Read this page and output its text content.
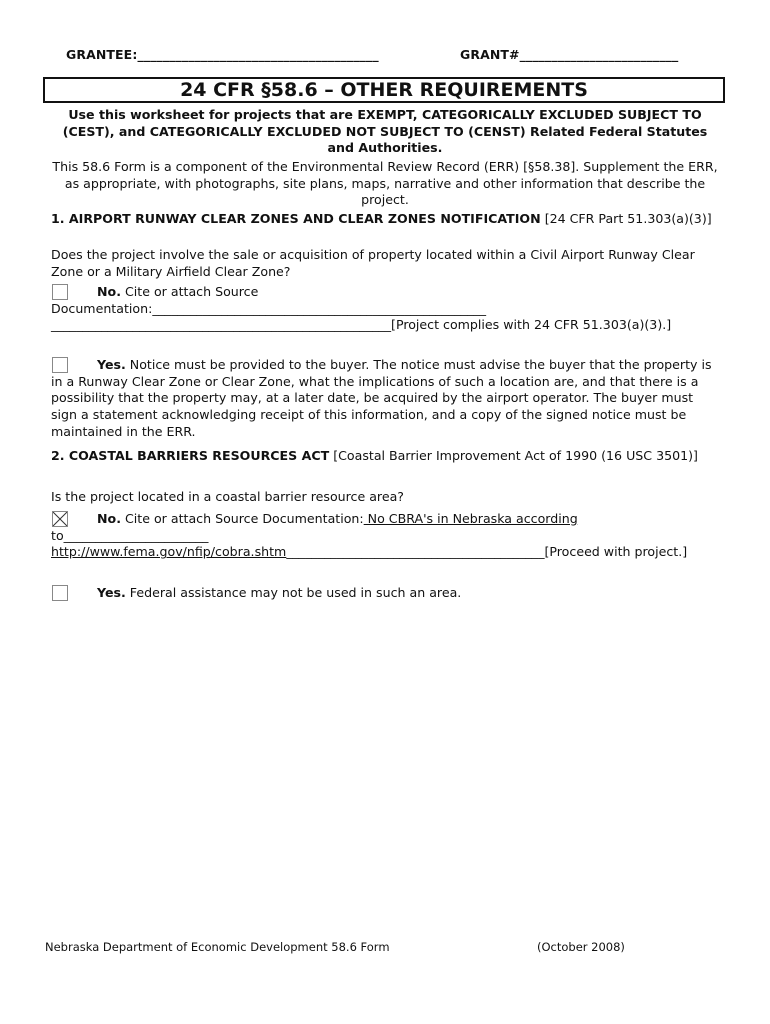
GRANTEE:______________________________________	GRANT#_________________________
24 CFR §58.6 – OTHER REQUIREMENTS
Use this worksheet for projects that are EXEMPT, CATEGORICALLY EXCLUDED SUBJECT TO (CEST), and CATEGORICALLY EXCLUDED NOT SUBJECT TO (CENST) Related Federal Statutes and Authorities.
This 58.6 Form is a component of the Environmental Review Record (ERR) [§58.38]. Supplement the ERR, as appropriate, with photographs, site plans, maps, narrative and other information that describe the project.
1. AIRPORT RUNWAY CLEAR ZONES AND CLEAR ZONES NOTIFICATION [24 CFR Part 51.303(a)(3)]
Does the project involve the sale or acquisition of property located within a Civil Airport Runway Clear Zone or a Military Airfield Clear Zone?
No. Cite or attach Source
Documentation:_____________________________________________________
______________________________________________________[Project complies with 24 CFR 51.303(a)(3).]
Yes. Notice must be provided to the buyer. The notice must advise the buyer that the property is in a Runway Clear Zone or Clear Zone, what the implications of such a location are, and that there is a possibility that the property may, at a later date, be acquired by the airport operator. The buyer must sign a statement acknowledging receipt of this information, and a copy of the signed notice must be maintained in the ERR.
2. COASTAL BARRIERS RESOURCES ACT [Coastal Barrier Improvement Act of 1990 (16 USC 3501)]
Is the project located in a coastal barrier resource area?
No. Cite or attach Source Documentation: No CBRA's in Nebraska according
to_______________________
http://www.fema.gov/nfip/cobra.shtm_________________________________________[Proceed with project.]
Yes. Federal assistance may not be used in such an area.
Nebraska Department of Economic Development 58.6 Form	(October 2008)
